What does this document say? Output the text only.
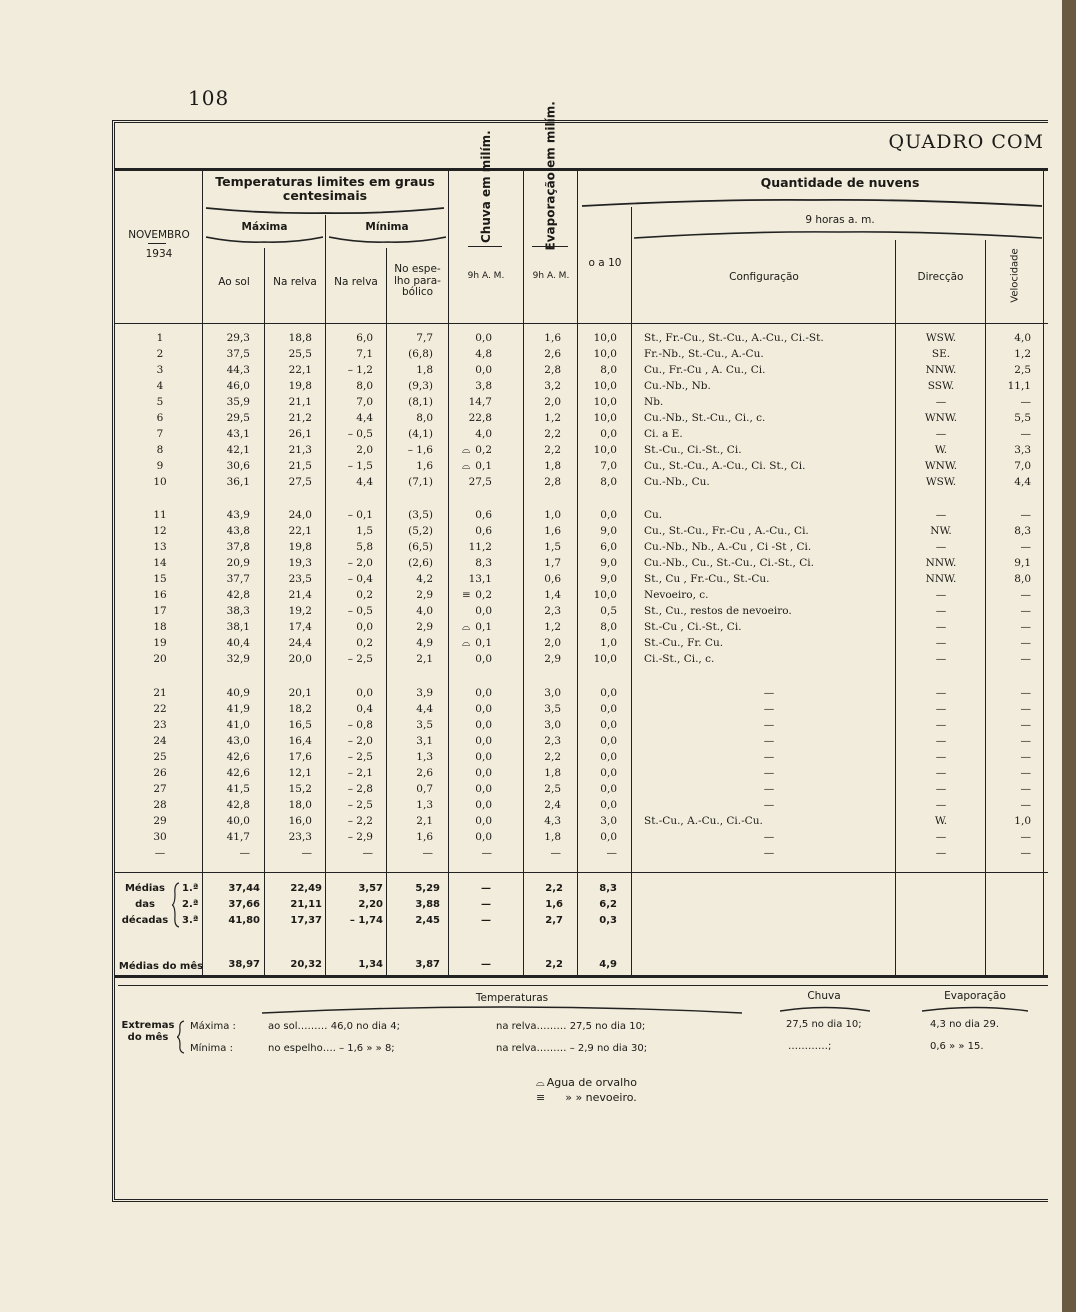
108
QUADRO COM
NOVEMBRO
1934
Temperaturas limites em graus centesimais
Máxima	Mínima
Ao sol	Na relva	Na relva
No espe- lho para- bólico
Chuva em milím.	Evaporação em milím.
9h A. M.	9h A. M.
Quantidade de nuvens
9 horas a. m.
o a 10
Configuração	Direcção	Velocidade
1	29,3	18,8	6,0	7,7	0,0	1,6	10,0	St., Fr.-Cu., St.-Cu., A.-Cu., Ci.-St.	WSW.	4,0
2	37,5	25,5	7,1	(6,8)	4,8	2,6	10,0	Fr.-Nb., St.-Cu., A.-Cu.	SE.	1,2
3	44,3	22,1	– 1,2	1,8	0,0	2,8	8,0	Cu., Fr.-Cu , A. Cu., Ci.	NNW.	2,5
4	46,0	19,8	8,0	(9,3)	3,8	3,2	10,0	Cu.-Nb., Nb.	SSW.	11,1
5	35,9	21,1	7,0	(8,1)	14,7	2,0	10,0	Nb.	—	—
6	29,5	21,2	4,4	8,0	22,8	1,2	10,0	Cu.-Nb., St.-Cu., Ci., c.	WNW.	5,5
7	43,1	26,1	– 0,5	(4,1)	4,0	2,2	0,0	Ci. a E.	—	—
8	42,1	21,3	2,0	– 1,6	0,2	2,2	10,0	St.-Cu., Ci.-St., Ci.	W.	3,3
⌓
9	30,6	21,5	– 1,5	1,6	0,1	1,8	7,0	Cu., St.-Cu., A.-Cu., Ci. St., Ci.	WNW.	7,0
⌓
10	36,1	27,5	4,4	(7,1)	27,5	2,8	8,0	Cu.-Nb., Cu.	WSW.	4,4
11	43,9	24,0	– 0,1	(3,5)	0,6	1,0	0,0	Cu.	—	—
12	43,8	22,1	1,5	(5,2)	0,6	1,6	9,0	Cu., St.-Cu., Fr.-Cu , A.-Cu., Ci.	NW.	8,3
13	37,8	19,8	5,8	(6,5)	11,2	1,5	6,0	Cu.-Nb., Nb., A.-Cu , Ci -St , Ci.	—	—
14	20,9	19,3	– 2,0	(2,6)	8,3	1,7	9,0	Cu.-Nb., Cu., St.-Cu., Ci.-St., Ci.	NNW.	9,1
15	37,7	23,5	– 0,4	4,2	13,1	0,6	9,0	St., Cu , Fr.-Cu., St.-Cu.	NNW.	8,0
16	42,8	21,4	0,2	2,9	0,2	1,4	10,0	Nevoeiro, c.	—	—
≡
17	38,3	19,2	– 0,5	4,0	0,0	2,3	0,5	St., Cu., restos de nevoeiro.	—	—
18	38,1	17,4	0,0	2,9	0,1	1,2	8,0	St.-Cu , Ci.-St., Ci.	—	—
⌓
19	40,4	24,4	0,2	4,9	0,1	2,0	1,0	St.-Cu., Fr. Cu.	—	—
⌓
20	32,9	20,0	– 2,5	2,1	0,0	2,9	10,0	Ci.-St., Ci., c.	—	—
21	40,9	20,1	0,0	3,9	0,0	3,0	0,0	—	—	—
22	41,9	18,2	0,4	4,4	0,0	3,5	0,0	—	—	—
23	41,0	16,5	– 0,8	3,5	0,0	3,0	0,0	—	—	—
24	43,0	16,4	– 2,0	3,1	0,0	2,3	0,0	—	—	—
25	42,6	17,6	– 2,5	1,3	0,0	2,2	0,0	—	—	—
26	42,6	12,1	– 2,1	2,6	0,0	1,8	0,0	—	—	—
27	41,5	15,2	– 2,8	0,7	0,0	2,5	0,0	—	—	—
28	42,8	18,0	– 2,5	1,3	0,0	2,4	0,0	—	—	—
29	40,0	16,0	– 2,2	2,1	0,0	4,3	3,0	St.-Cu., A.-Cu., Ci.-Cu.	W.	1,0
30	41,7	23,3	– 2,9	1,6	0,0	1,8	0,0	—	—	—
—	—	—	—	—	—	—	—	—	—	—
Médias
das
décadas
1.ª	37,44	22,49	3,57	5,29	—	2,2	8,3
2.ª	37,66	21,11	2,20	3,88	—	1,6	6,2
3.ª	41,80	17,37	– 1,74	2,45	—	2,7	0,3
Médias do mês	38,97	20,32	1,34	3,87	—	2,2	4,9
Temperaturas	Chuva	Evaporação
Extremas do mês
Máxima :
Mínima :
ao sol……… 46,0 no dia 4;	na relva……… 27,5 no dia 10;	27,5 no dia 10;	4,3 no dia 29.
no espelho…. – 1,6 » » 8;	na relva……… – 2,9 no dia 30;	…………;	0,6 » » 15.
⌓ Agua de orvalho
≡ » » nevoeiro.
